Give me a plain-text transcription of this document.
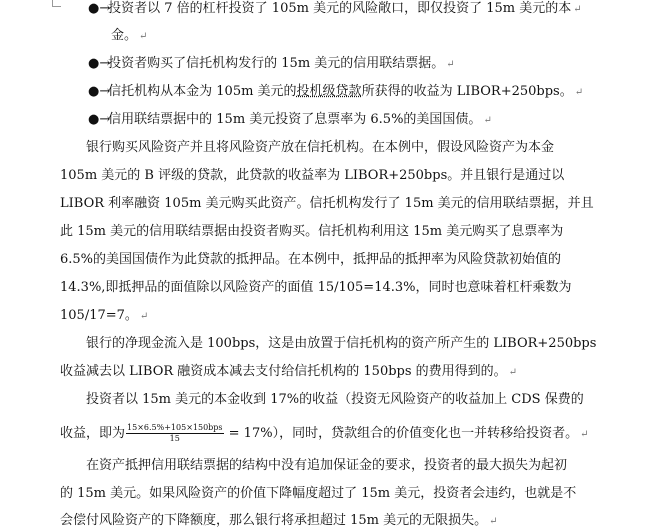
●→ 投资者以 7 倍的杠杆投资了 105m 美元的风险敞口，即仅投资了 15m 美元的本 ↵
金。 ↵
●→ 投资者购买了信托机构发行的 15m 美元的信用联结票据。 ↵
●→ 信托机构从本金为 105m 美元的投机级贷款所获得的收益为 LIBOR+250bps。 ↵
●→ 信用联结票据中的 15m 美元投资了息票率为 6.5%的美国国债。 ↵
银行购买风险资产并且将风险资产放在信托机构。在本例中，假设风险资产为本金
105m 美元的 B 评级的贷款，此贷款的收益率为 LIBOR+250bps。并且银行是通过以
LIBOR 利率融资 105m 美元购买此资产。信托机构发行了 15m 美元的信用联结票据，并且
此 15m 美元的信用联结票据由投资者购买。信托机构利用这 15m 美元购买了息票率为
6.5%的美国国债作为此贷款的抵押品。在本例中，抵押品的抵押率为风险贷款初始值的
14.3%,即抵押品的面值除以风险资产的面值 15/105=14.3%，同时也意味着杠杆乘数为
105/17=7。 ↵
银行的净现金流入是 100bps，这是由放置于信托机构的资产所产生的 LIBOR+250bps
收益减去以 LIBOR 融资成本减去支付给信托机构的 150bps 的费用得到的。 ↵
投资者以 15m 美元的本金收到 17%的收益（投资无风险资产的收益加上 CDS 保费的
收益，即为 $\frac{\text{15×6.5\%+105×150bps}}{15} = 17\%$），同时，贷款组合的价值变化也一并转移给投资者。 ↵
在资产抵押信用联结票据的结构中没有追加保证金的要求，投资者的最大损失为起初
的 15m 美元。如果风险资产的价值下降幅度超过了 15m 美元，投资者会违约，也就是不
会偿付风险资产的下降额度，那么银行将承担超过 15m 美元的无限损失。 ↵
